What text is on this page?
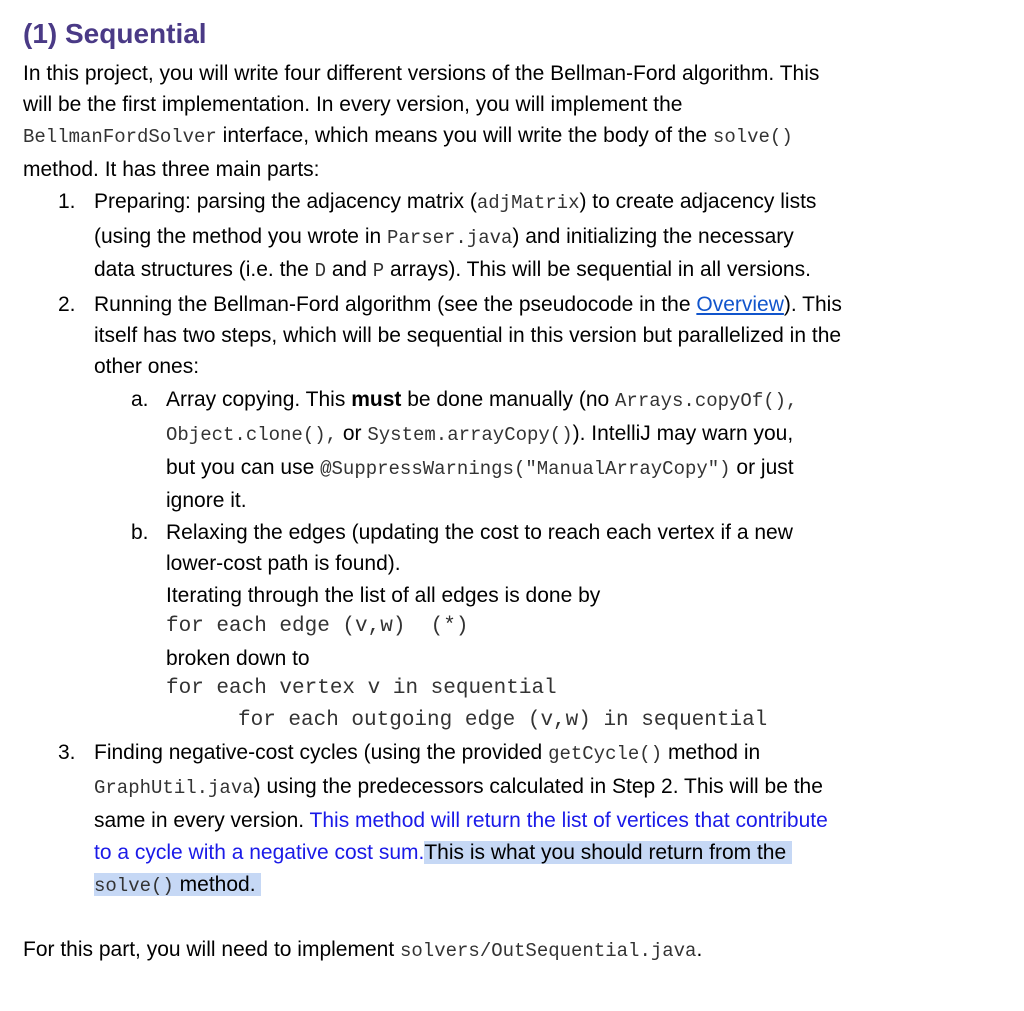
(1) Sequential
In this project, you will write four different versions of the Bellman-Ford algorithm. This
will be the first implementation. In every version, you will implement the
BellmanFordSolver interface, which means you will write the body of the solve()
method. It has three main parts:
1. Preparing: parsing the adjacency matrix (adjMatrix) to create adjacency lists
(using the method you wrote in Parser.java) and initializing the necessary
data structures (i.e. the D and P arrays). This will be sequential in all versions.
2. Running the Bellman-Ford algorithm (see the pseudocode in the Overview). This
itself has two steps, which will be sequential in this version but parallelized in the
other ones:
a. Array copying. This must be done manually (no Arrays.copyOf(),
Object.clone(), or System.arrayCopy()). IntelliJ may warn you,
but you can use @SuppressWarnings("ManualArrayCopy") or just
ignore it.
b. Relaxing the edges (updating the cost to reach each vertex if a new
lower-cost path is found).
Iterating through the list of all edges is done by
for each edge (v,w)  (*)
broken down to
for each vertex v in sequential
for each outgoing edge (v,w) in sequential
3. Finding negative-cost cycles (using the provided getCycle() method in
GraphUtil.java) using the predecessors calculated in Step 2. This will be the
same in every version. This method will return the list of vertices that contribute
to a cycle with a negative cost sum.This is what you should return from the
solve() method.
For this part, you will need to implement solvers/OutSequential.java.
